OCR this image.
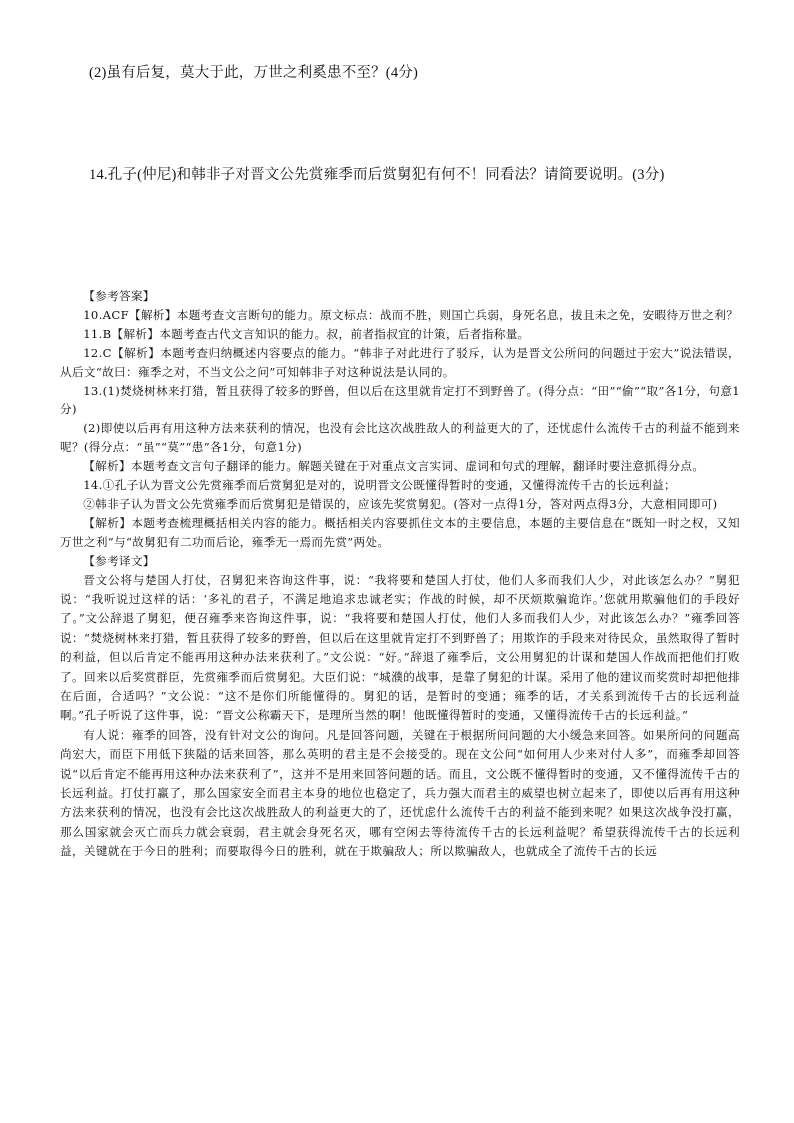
(2)虽有后复，莫大于此，万世之利奚患不至？(4分)
14.孔子(仲尼)和韩非子对晋文公先赏雍季而后赏舅犯有何不！同看法？请简要说明。(3分)

【参考答案】

10.ACF【解析】本题考查文言断句的能力。原文标点：战而不胜，则国亡兵弱，身死名息，拔且未之免，安暇待万世之利？

11.B【解析】本题考查古代文言知识的能力。叔，前者指叔宜的计策，后者指称量。

12.C【解析】本题考查归纳概述内容要点的能力。“韩非子对此进行了驳斥，认为是晋文公所问的问题过于宏大”说法错误，从后文“故曰：雍季之对，不当文公之问”可知韩非子对这种说法是认同的。

13.(1)焚烧树林来打猎，暂且获得了较多的野兽，但以后在这里就肯定打不到野兽了。(得分点：“田”“偷”“取”各1分，句意1分)

(2)即使以后再有用这种方法来获利的情况，也没有会比这次战胜敌人的利益更大的了，还忧虑什么流传千古的利益不能到来呢？(得分点：“虽”“莫”“患”各1分，句意1分)

【解析】本题考查文言句子翻译的能力。解题关键在于对重点文言实词、虚词和句式的理解，翻译时要注意抓得分点。

14.①孔子认为晋文公先赏雍季而后赏舅犯是对的，说明晋文公既懂得暂时的变通，又懂得流传千古的长远利益；

②韩非子认为晋文公先赏雍季而后赏舅犯是错误的，应该先奖赏舅犯。(答对一点得1分，答对两点得3分，大意相同即可)

【解析】本题考查梳理概括相关内容的能力。概括相关内容要抓住文本的主要信息，本题的主要信息在“既知一时之权，又知万世之利”与“故舅犯有二功而后论，雍季无一焉而先赏”两处。

【参考译文】

晋文公将与楚国人打仗，召舅犯来咨询这件事，说：“我将要和楚国人打仗，他们人多而我们人少，对此该怎么办？”舅犯说：“我听说过这样的话：‘多礼的君子，不满足地追求忠诚老实；作战的时候，却不厌烦欺骗诡诈。’您就用欺骗他们的手段好了。”文公辞退了舅犯，便召雍季来咨询这件事，说：“我将要和楚国人打仗，他们人多而我们人少，对此该怎么办？”雍季回答说：“焚烧树林来打猎，暂且获得了较多的野兽，但以后在这里就肯定打不到野兽了；用欺诈的手段来对待民众，虽然取得了暂时的利益，但以后肯定不能再用这种办法来获利了。”文公说：“好。”辞退了雍季后，文公用舅犯的计谋和楚国人作战而把他们打败了。回来以后奖赏群臣，先赏雍季而后赏舅犯。大臣们说：“城濮的战事，是靠了舅犯的计谋。采用了他的建议而奖赏时却把他排在后面，合适吗？”文公说：“这不是你们所能懂得的。舅犯的话，是暂时的变通；雍季的话，才关系到流传千古的长远利益啊。”孔子听说了这件事，说：“晋文公称霸天下，是理所当然的啊！他既懂得暂时的变通，又懂得流传千古的长远利益。”

有人说：雍季的回答，没有针对文公的询问。凡是回答问题，关键在于根据所问问题的大小缓急来回答。如果所问的问题高尚宏大，而臣下用低下狭隘的话来回答，那么英明的君主是不会接受的。现在文公问“如何用人少来对付人多”，而雍季却回答说“以后肯定不能再用这种办法来获利了”，这并不是用来回答问题的话。而且，文公既不懂得暂时的变通，又不懂得流传千古的长远利益。打仗打赢了，那么国家安全而君主本身的地位也稳定了，兵力强大而君主的威望也树立起来了，即使以后再有用这种方法来获利的情况，也没有会比这次战胜敌人的利益更大的了，还忧虑什么流传千古的利益不能到来呢？如果这次战争没打赢，那么国家就会灭亡而兵力就会衰弱，君主就会身死名灭，哪有空闲去等待流传千古的长远利益呢？希望获得流传千古的长远利益，关键就在于今日的胜利；而要取得今日的胜利，就在于欺骗敌人；所以欺骗敌人，也就成全了流传千古的长远
